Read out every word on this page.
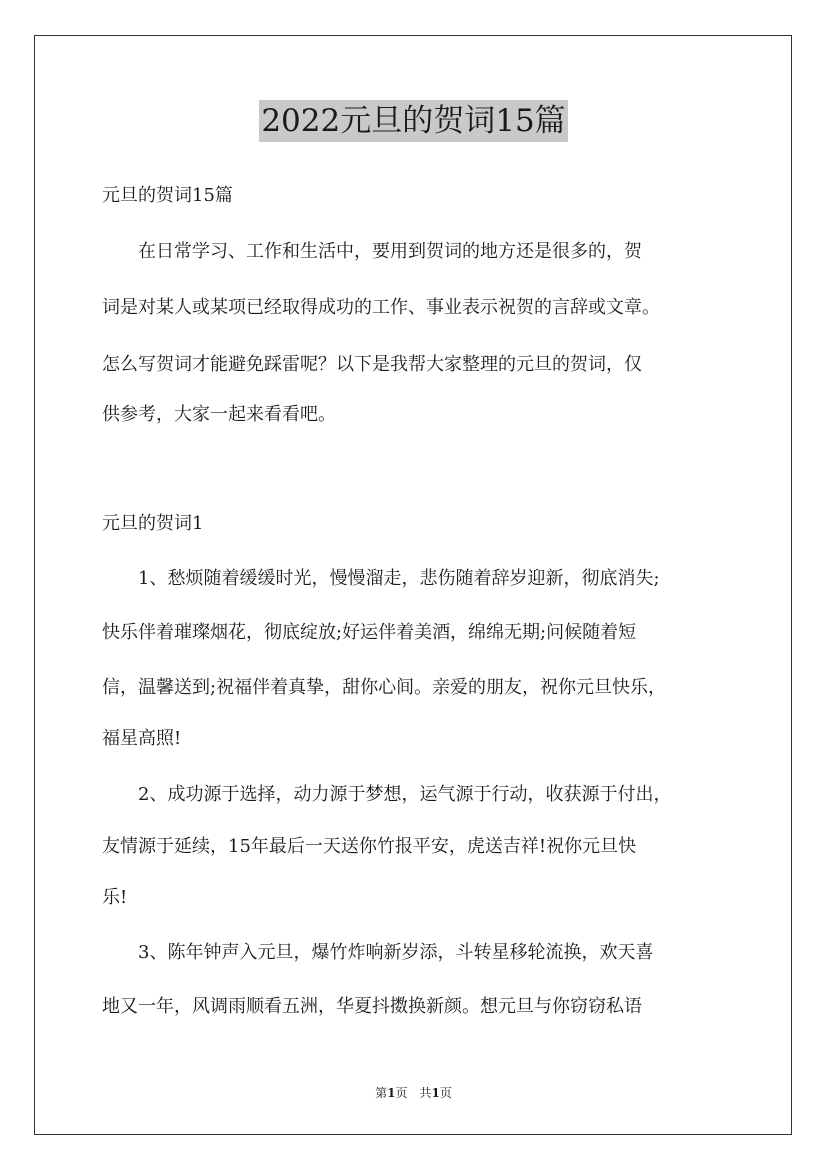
2022元旦的贺词15篇
元旦的贺词15篇
　　在日常学习、工作和生活中，要用到贺词的地方还是很多的，贺
词是对某人或某项已经取得成功的工作、事业表示祝贺的言辞或文章。
怎么写贺词才能避免踩雷呢？以下是我帮大家整理的元旦的贺词，仅
供参考，大家一起来看看吧。
元旦的贺词1
　　1、愁烦随着缓缓时光，慢慢溜走，悲伤随着辞岁迎新，彻底消失;
快乐伴着璀璨烟花，彻底绽放;好运伴着美酒，绵绵无期;问候随着短
信，温馨送到;祝福伴着真挚，甜你心间。亲爱的朋友，祝你元旦快乐，
福星高照!
　　2、成功源于选择，动力源于梦想，运气源于行动，收获源于付出，
友情源于延续，15年最后一天送你竹报平安，虎送吉祥!祝你元旦快
乐!
　　3、陈年钟声入元旦，爆竹炸响新岁添，斗转星移轮流换，欢天喜
地又一年，风调雨顺看五洲，华夏抖擞换新颜。想元旦与你窃窃私语
第1页　共1页
